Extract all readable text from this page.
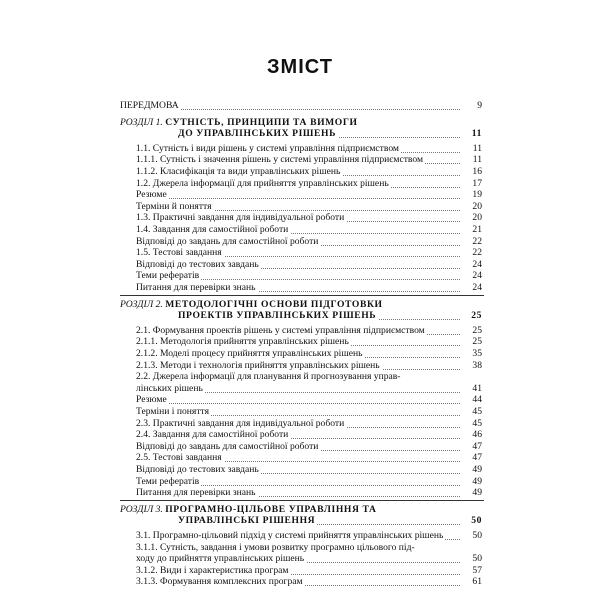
ЗМІСТ
ПЕРЕДМОВА	9
РОЗДІЛ 1. СУТНІСТЬ, ПРИНЦИПИ ТА ВИМОГИ
ДО УПРАВЛІНСЬКИХ РІШЕНЬ	11
1.1. Сутність і види рішень у системі управління підприємством	11
1.1.1. Сутність і значення рішень у системі управління підприємством	11
1.1.2. Класифікація та види управлінських рішень	16
1.2. Джерела інформації для прийняття управлінських рішень	17
Резюме	19
Терміни й поняття	20
1.3. Практичні завдання для індивідуальної роботи	20
1.4. Завдання для самостійної роботи	21
Відповіді до завдань для самостійної роботи	22
1.5. Тестові завдання	22
Відповіді до тестових завдань	24
Теми рефератів	24
Питання для перевірки знань	24
РОЗДІЛ 2. МЕТОДОЛОГІЧНІ ОСНОВИ ПІДГОТОВКИ
ПРОЕКТІВ УПРАВЛІНСЬКИХ РІШЕНЬ	25
2.1. Формування проектів рішень у системі управління підприємством	25
2.1.1. Методологія прийняття управлінських рішень	25
2.1.2. Моделі процесу прийняття управлінських рішень	35
2.1.3. Методи і технологія прийняття управлінських рішень	38
2.2. Джерела інформації для планування й прогнозування управ-
лінських рішень	41
Резюме	44
Терміни і поняття	45
2.3. Практичні завдання для індивідуальної роботи	45
2.4. Завдання для самостійної роботи	46
Відповіді до завдань для самостійної роботи	47
2.5. Тестові завдання	47
Відповіді до тестових завдань	49
Теми рефератів	49
Питання для перевірки знань	49
РОЗДІЛ 3. ПРОГРАМНО-ЦІЛЬОВЕ УПРАВЛІННЯ ТА
УПРАВЛІНСЬКІ РІШЕННЯ	50
3.1. Програмно-цільовий підхід у системі прийняття управлінських рішень	50
3.1.1. Сутність, завдання і умови розвитку програмно цільового під-
ходу до прийняття управлінських рішень	50
3.1.2. Види і характеристика програм	57
3.1.3. Формування комплексних програм	61
